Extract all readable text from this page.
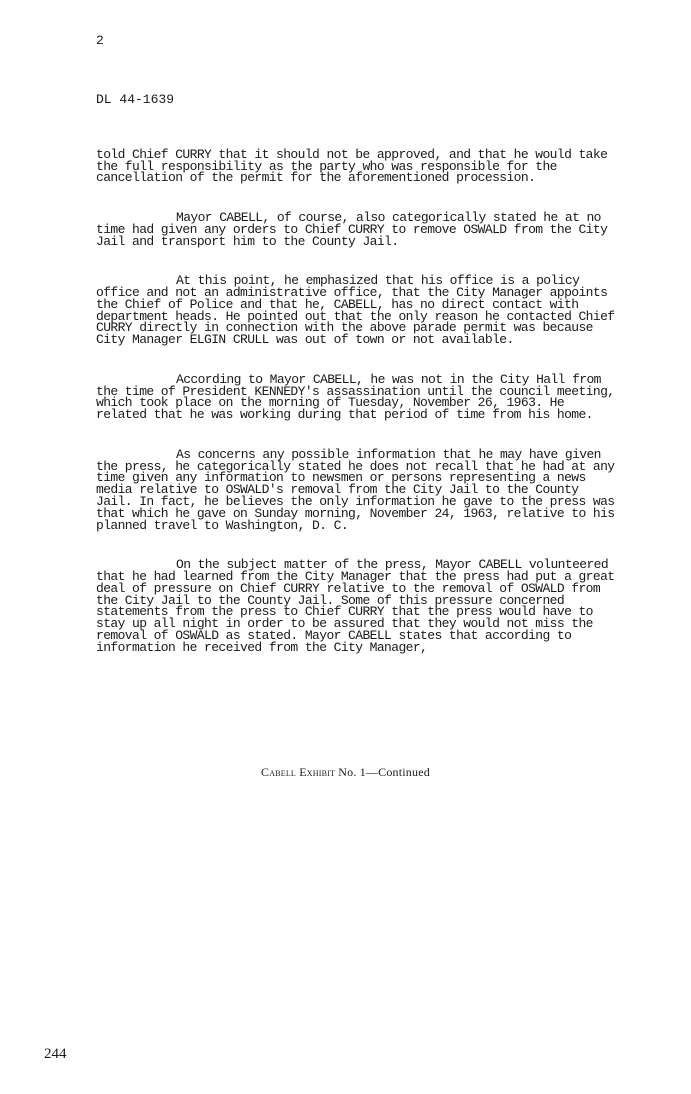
2
DL 44-1639

told Chief CURRY that it should not be approved, and that he would take the full responsibility as the party who was responsible for the cancellation of the permit for the aforementioned procession.

Mayor CABELL, of course, also categorically stated he at no time had given any orders to Chief CURRY to remove OSWALD from the City Jail and transport him to the County Jail.

At this point, he emphasized that his office is a policy office and not an administrative office, that the City Manager appoints the Chief of Police and that he, CABELL, has no direct contact with department heads. He pointed out that the only reason he contacted Chief CURRY directly in connection with the above parade permit was because City Manager ELGIN CRULL was out of town or not available.

According to Mayor CABELL, he was not in the City Hall from the time of President KENNEDY's assassination until the council meeting, which took place on the morning of Tuesday, November 26, 1963. He related that he was working during that period of time from his home.

As concerns any possible information that he may have given the press, he categorically stated he does not recall that he had at any time given any information to newsmen or persons representing a news media relative to OSWALD's removal from the City Jail to the County Jail. In fact, he believes the only information he gave to the press was that which he gave on Sunday morning, November 24, 1963, relative to his planned travel to Washington, D. C.

On the subject matter of the press, Mayor CABELL volunteered that he had learned from the City Manager that the press had put a great deal of pressure on Chief CURRY relative to the removal of OSWALD from the City Jail to the County Jail. Some of this pressure concerned statements from the press to Chief CURRY that the press would have to stay up all night in order to be assured that they would not miss the removal of OSWALD as stated. Mayor CABELL states that according to information he received from the City Manager,

Cabell Exhibit No. 1—Continued
244
